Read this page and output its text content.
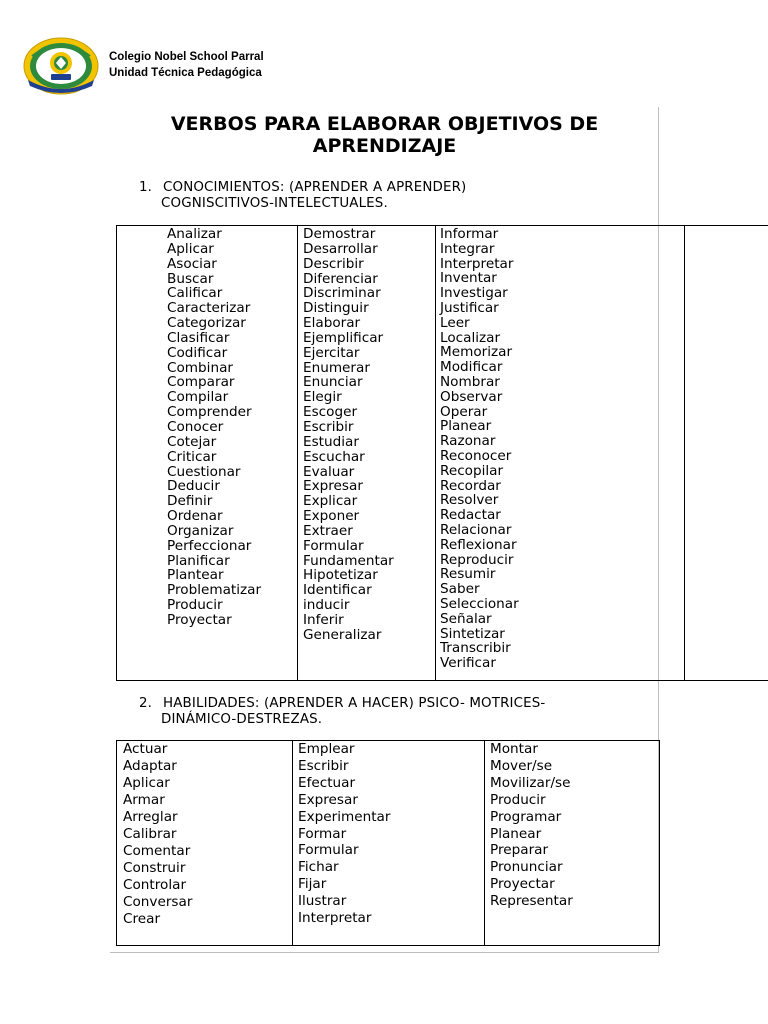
Colegio Nobel School Parral
Unidad Técnica Pedagógica
VERBOS PARA ELABORAR OBJETIVOS DE
APRENDIZAJE
1. CONOCIMIENTOS: (APRENDER A APRENDER)
COGNISCITIVOS-INTELECTUALES.
Analizar
Aplicar
Asociar
Buscar
Calificar
Caracterizar
Categorizar
Clasificar
Codificar
Combinar
Comparar
Compilar
Comprender
Conocer
Cotejar
Criticar
Cuestionar
Deducir
Definir
Ordenar
Organizar
Perfeccionar
Planificar
Plantear
Problematizar
Producir
Proyectar
Demostrar
Desarrollar
Describir
Diferenciar
Discriminar
Distinguir
Elaborar
Ejemplificar
Ejercitar
Enumerar
Enunciar
Elegir
Escoger
Escribir
Estudiar
Escuchar
Evaluar
Expresar
Explicar
Exponer
Extraer
Formular
Fundamentar
Hipotetizar
Identificar
inducir
Inferir
Generalizar
Informar
Integrar
Interpretar
Inventar
Investigar
Justificar
Leer
Localizar
Memorizar
Modificar
Nombrar
Observar
Operar
Planear
Razonar
Reconocer
Recopilar
Recordar
Resolver
Redactar
Relacionar
Reflexionar
Reproducir
Resumir
Saber
Seleccionar
Señalar
Sintetizar
Transcribir
Verificar
2. HABILIDADES: (APRENDER A HACER) PSICO- MOTRICES-
DINÁMICO-DESTREZAS.
Actuar
Adaptar
Aplicar
Armar
Arreglar
Calibrar
Comentar
Construir
Controlar
Conversar
Crear
Emplear
Escribir
Efectuar
Expresar
Experimentar
Formar
Formular
Fichar
Fijar
Ilustrar
Interpretar
Montar
Mover/se
Movilizar/se
Producir
Programar
Planear
Preparar
Pronunciar
Proyectar
Representar
